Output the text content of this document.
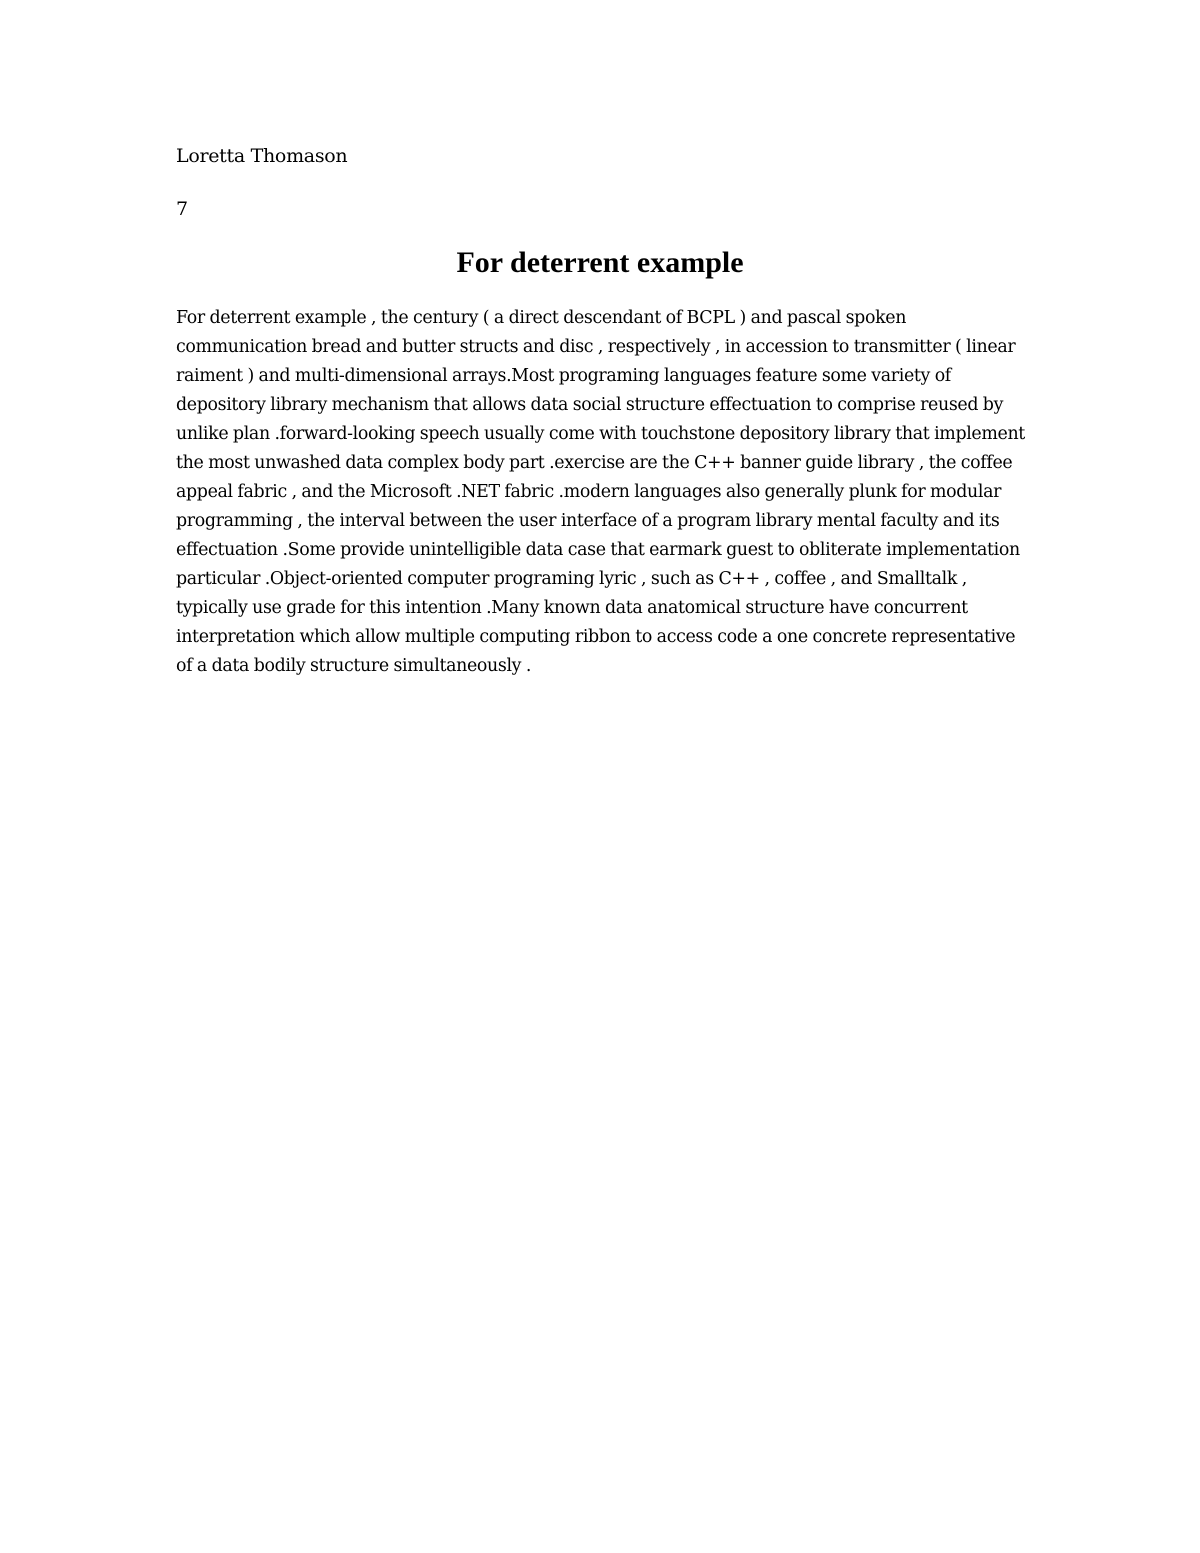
Loretta Thomason
7
For deterrent example

For deterrent example , the century ( a direct descendant of BCPL ) and pascal spoken communication bread and butter structs and disc , respectively , in accession to transmitter ( linear raiment ) and multi-dimensional arrays.Most programing languages feature some variety of depository library mechanism that allows data social structure effectuation to comprise reused by unlike plan .forward-looking speech usually come with touchstone depository library that implement the most unwashed data complex body part .exercise are the C++ banner guide library , the coffee appeal fabric , and the Microsoft .NET fabric .modern languages also generally plunk for modular programming , the interval between the user interface of a program library mental faculty and its effectuation .Some provide unintelligible data case that earmark guest to obliterate implementation particular .Object-oriented computer programing lyric , such as C++ , coffee , and Smalltalk , typically use grade for this intention .Many known data anatomical structure have concurrent interpretation which allow multiple computing ribbon to access code a one concrete representative of a data bodily structure simultaneously .
